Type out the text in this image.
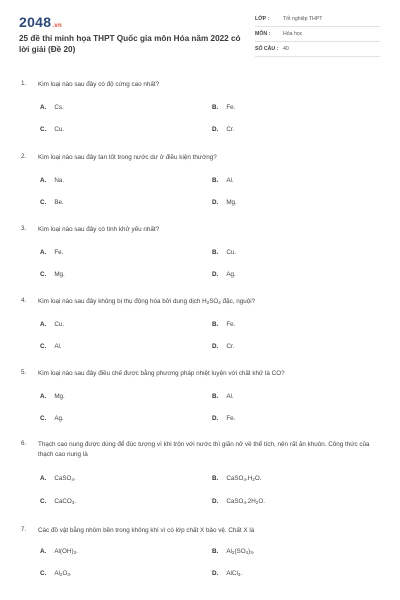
2048.vn
25 đề thi minh họa THPT Quốc gia môn Hóa năm 2022 có lời giải (Đề 20)
LỚP :	Tốt nghiệp THPT
MÔN : Hóa học
SỐ CÂU : 40
1. Kim loại nào sau đây có độ cứng cao nhất?
A. Cs.	B. Fe.
C. Cu.	D. Cr.
2. Kim loại nào sau đây tan tốt trong nước dư ở điều kiện thường?
A. Na.	B. Al.
C. Be.	D. Mg.
3. Kim loại nào sau đây có tính khử yếu nhất?
A. Fe.	B. Cu.
C. Mg.	D. Ag.
4. Kim loại nào sau đây không bị thụ động hóa bởi dung dịch $H_2SO_4$ đặc, nguội?
A. Cu.	B. Fe.
C. Al.	D. Cr.
5. Kim loại nào sau đây điều chế được bằng phương pháp nhiệt luyện với chất khử là CO?
A. Mg.	B. Al.
C. Ag.	D. Fe.
6. Thạch cao nung được dùng để đúc tượng vì khi trộn với nước thì giãn nở về thể tích, nên rất ăn khuôn. Công thức của thạch cao nung là
A. CaSO$_4$.	B. $CaSO_4.H_2O$.
C. CaCO$_3$.	D. $CaSO_4.2H_2O$.
7. Các đồ vật bằng nhôm bền trong không khí vì có lớp chất X bảo vệ. Chất X là
A. $Al(OH)_3$.	B. $Al_2(SO_4)_3$.
C. $Al_2O_3$.	D. AlCl$_3$.
